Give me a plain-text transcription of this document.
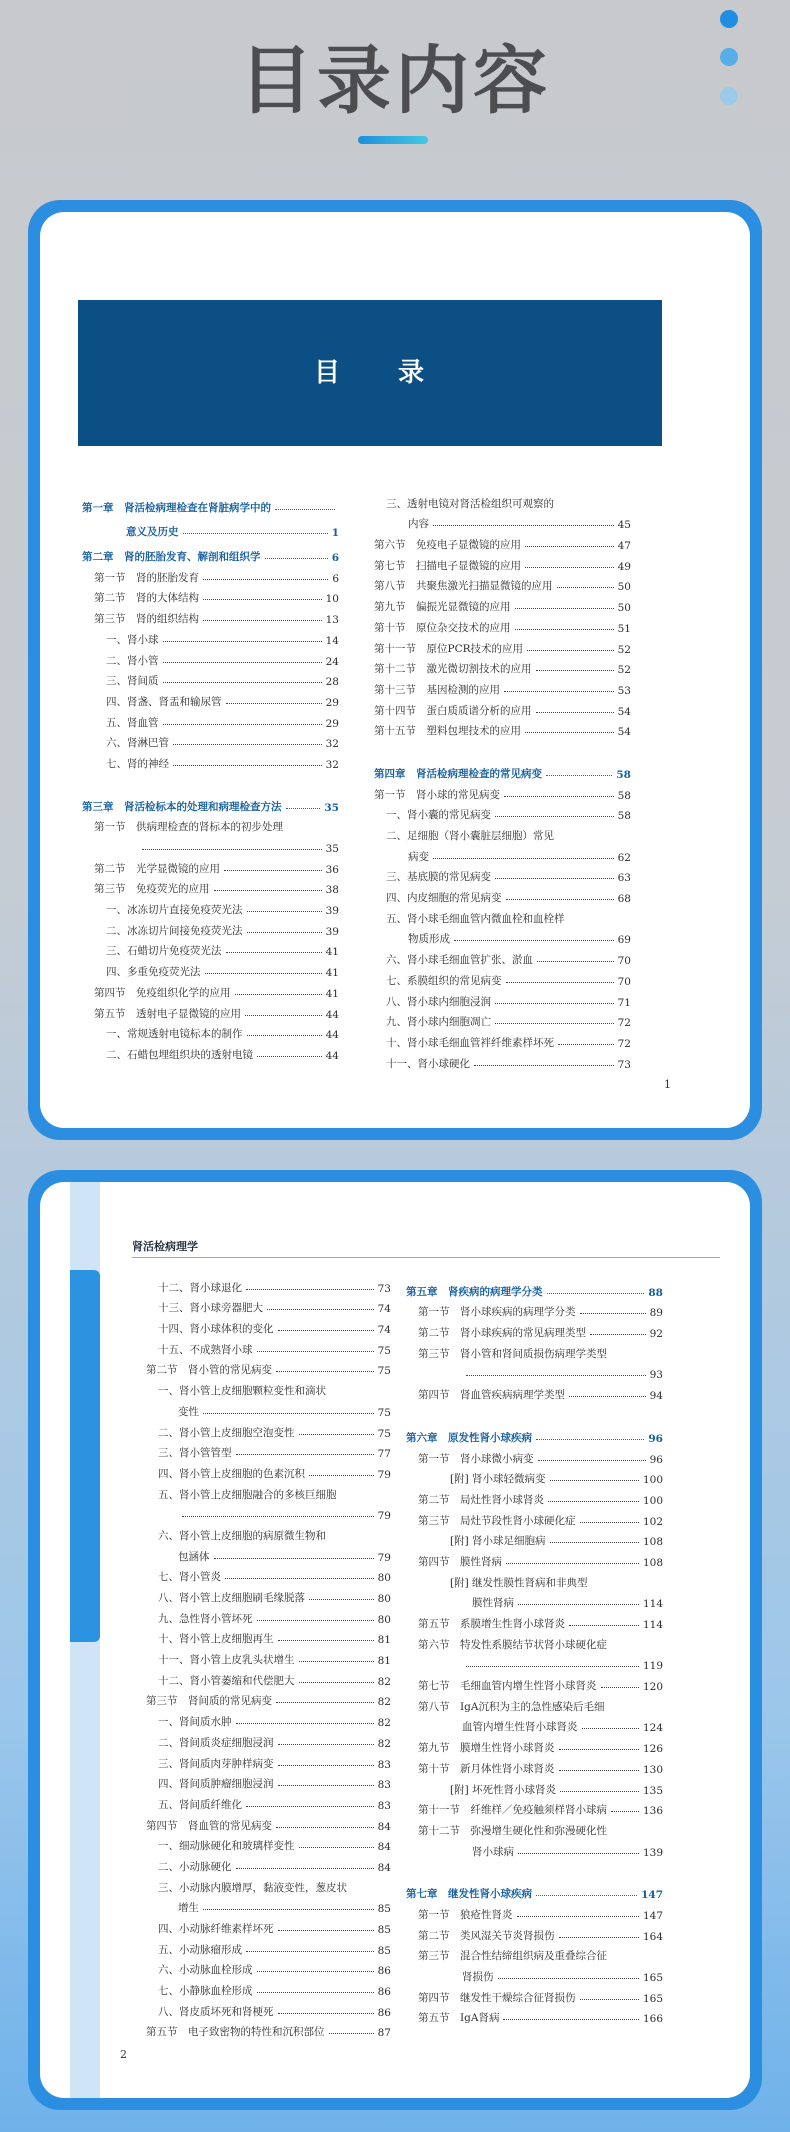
目录内容
目　　录
第一章　肾活检病理检查在肾脏病学中的
意义及历史	1
第二章　肾的胚胎发育、解剖和组织学	6
第一节　肾的胚胎发育	6
第二节　肾的大体结构	10
第三节　肾的组织结构	13
一、肾小球	14
二、肾小管	24
三、肾间质	28
四、肾盏、肾盂和输尿管	29
五、肾血管	29
六、肾淋巴管	32
七、肾的神经	32
第三章　肾活检标本的处理和病理检查方法	35
第一节　供病理检查的肾标本的初步处理
35
第二节　光学显微镜的应用	36
第三节　免疫荧光的应用	38
一、冰冻切片直接免疫荧光法	39
二、冰冻切片间接免疫荧光法	39
三、石蜡切片免疫荧光法	41
四、多重免疫荧光法	41
第四节　免疫组织化学的应用	41
第五节　透射电子显微镜的应用	44
一、常规透射电镜标本的制作	44
二、石蜡包埋组织块的透射电镜	44
三、透射电镜对肾活检组织可观察的
内容	45
第六节　免疫电子显微镜的应用	47
第七节　扫描电子显微镜的应用	49
第八节　共聚焦激光扫描显微镜的应用	50
第九节　偏振光显微镜的应用	50
第十节　原位杂交技术的应用	51
第十一节　原位PCR技术的应用	52
第十二节　激光微切割技术的应用	52
第十三节　基因检测的应用	53
第十四节　蛋白质质谱分析的应用	54
第十五节　塑料包埋技术的应用	54
第四章　肾活检病理检查的常见病变	58
第一节　肾小球的常见病变	58
一、肾小囊的常见病变	58
二、足细胞（肾小囊脏层细胞）常见
病变	62
三、基底膜的常见病变	63
四、内皮细胞的常见病变	68
五、肾小球毛细血管内微血栓和血栓样
物质形成	69
六、肾小球毛细血管扩张、淤血	70
七、系膜组织的常见病变	70
八、肾小球内细胞浸润	71
九、肾小球内细胞凋亡	72
十、肾小球毛细血管袢纤维素样坏死	72
十一、肾小球硬化	73
1
肾活检病理学
十二、肾小球退化	73
十三、肾小球旁器肥大	74
十四、肾小球体积的变化	74
十五、不成熟肾小球	75
第二节　肾小管的常见病变	75
一、肾小管上皮细胞颗粒变性和滴状
变性	75
二、肾小管上皮细胞空泡变性	75
三、肾小管管型	77
四、肾小管上皮细胞的色素沉积	79
五、肾小管上皮细胞融合的多核巨细胞
79
六、肾小管上皮细胞的病原微生物和
包涵体	79
七、肾小管炎	80
八、肾小管上皮细胞刷毛缘脱落	80
九、急性肾小管坏死	80
十、肾小管上皮细胞再生	81
十一、肾小管上皮乳头状增生	81
十二、肾小管萎缩和代偿肥大	82
第三节　肾间质的常见病变	82
一、肾间质水肿	82
二、肾间质炎症细胞浸润	82
三、肾间质肉芽肿样病变	83
四、肾间质肿瘤细胞浸润	83
五、肾间质纤维化	83
第四节　肾血管的常见病变	84
一、细动脉硬化和玻璃样变性	84
二、小动脉硬化	84
三、小动脉内膜增厚，黏液变性，葱皮状
增生	85
四、小动脉纤维素样坏死	85
五、小动脉瘤形成	85
六、小动脉血栓形成	86
七、小静脉血栓形成	86
八、肾皮质坏死和肾梗死	86
第五节　电子致密物的特性和沉积部位	87
第五章　肾疾病的病理学分类	88
第一节　肾小球疾病的病理学分类	89
第二节　肾小球疾病的常见病理类型	92
第三节　肾小管和肾间质损伤病理学类型
93
第四节　肾血管疾病病理学类型	94
第六章　原发性肾小球疾病	96
第一节　肾小球微小病变	96
[附] 肾小球轻微病变	100
第二节　局灶性肾小球肾炎	100
第三节　局灶节段性肾小球硬化症	102
[附] 肾小球足细胞病	108
第四节　膜性肾病	108
[附] 继发性膜性肾病和非典型
膜性肾病	114
第五节　系膜增生性肾小球肾炎	114
第六节　特发性系膜结节状肾小球硬化症
119
第七节　毛细血管内增生性肾小球肾炎	120
第八节　IgA沉积为主的急性感染后毛细
血管内增生性肾小球肾炎	124
第九节　膜增生性肾小球肾炎	126
第十节　新月体性肾小球肾炎	130
[附] 坏死性肾小球肾炎	135
第十一节　纤维样／免疫触须样肾小球病	136
第十二节　弥漫增生硬化性和弥漫硬化性
肾小球病	139
第七章　继发性肾小球疾病	147
第一节　狼疮性肾炎	147
第二节　类风湿关节炎肾损伤	164
第三节　混合性结缔组织病及重叠综合征
肾损伤	165
第四节　继发性干燥综合征肾损伤	165
第五节　IgA肾病	166
2
